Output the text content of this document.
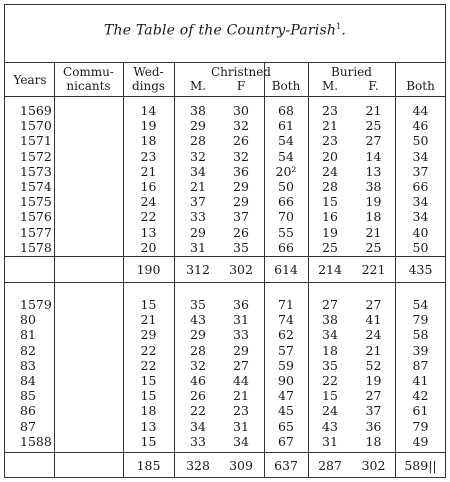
The Table of the Country-Parish$^1$.
Years
Commu-
nicants
Wed-
dings
Christned
M.	F	Both
Buried
M.	F.	Both
1569	14	38	30	68	23	21	44
1570	19	29	32	61	21	25	46
1571	18	28	26	54	23	27	50
1572	23	32	32	54	20	14	34
1573	21	34	36	20²	24	13	37
1574	16	21	29	50	28	38	66
1575	24	37	29	66	15	19	34
1576	22	33	37	70	16	18	34
1577	13	29	26	55	19	21	40
1578	20	31	35	66	25	25	50
190	312	302	614	214	221	435
1579	15	35	36	71	27	27	54
80	21	43	31	74	38	41	79
81	29	29	33	62	34	24	58
82	22	28	29	57	18	21	39
83	22	32	27	59	35	52	87
84	15	46	44	90	22	19	41
85	15	26	21	47	15	27	42
86	18	22	23	45	24	37	61
87	13	34	31	65	43	36	79
1588	15	33	34	67	31	18	49
185	328	309	637	287	302	589||
